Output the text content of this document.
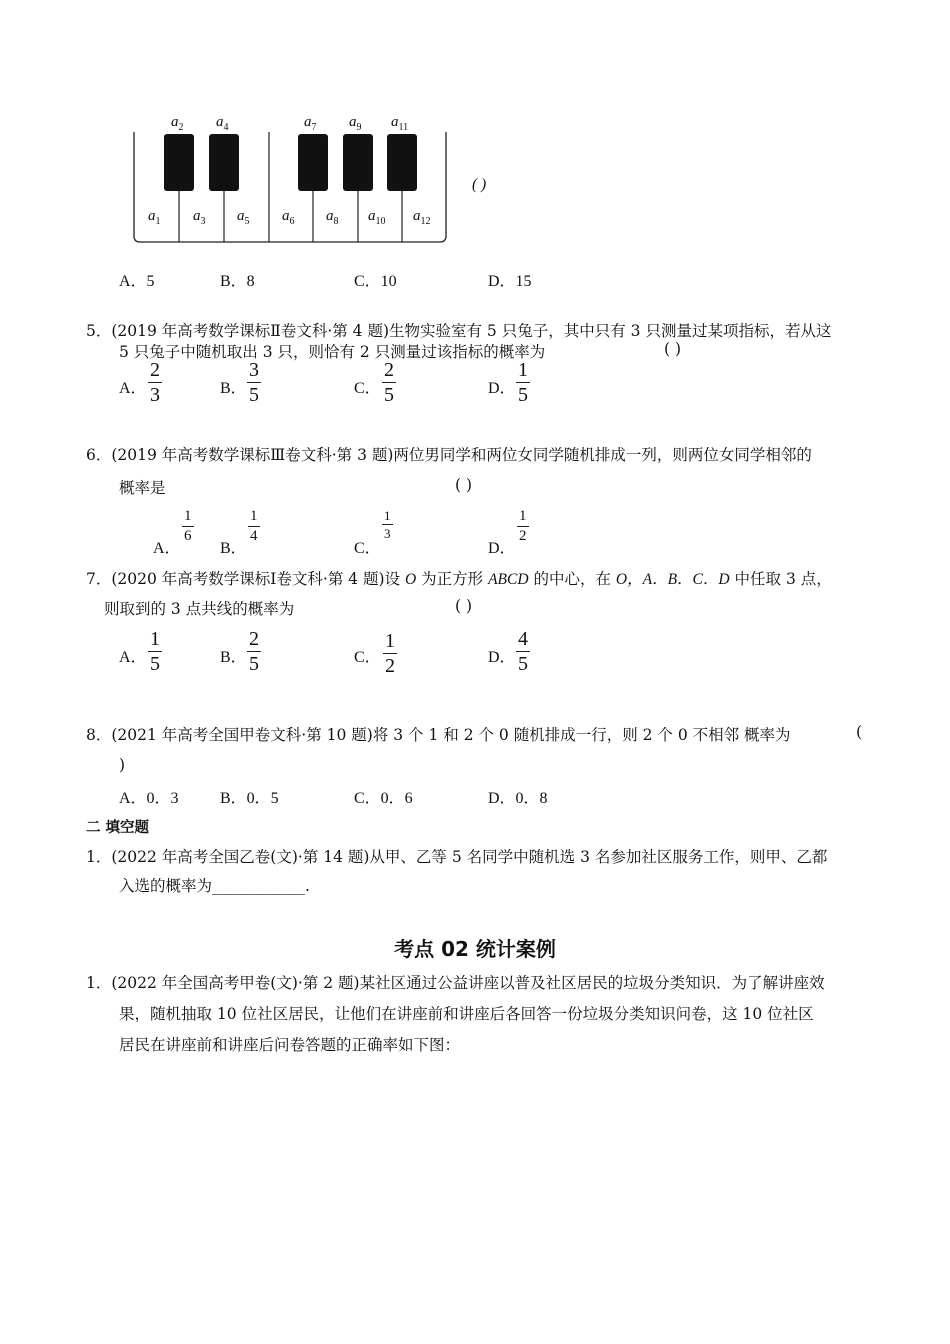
$a_2$ $a_4$	$a_7$ $a_9$ $a_{11}$
$a_1$ $a_3$ $a_5$ $a_6$ $a_8$ $a_{10}$ $a_{12}$
( )
A．5	B．8	C．10	D．15
5．(2019 年高考数学课标Ⅱ卷文科·第 4 题)生物实验室有 5 只兔子，其中只有 3 只测量过某项指标，若从这
5 只兔子中随机取出 3 只，则恰有 2 只测量过该指标的概率为	( )
A． $\frac{2}{3}$	B． $\frac{3}{5}$	C． $\frac{2}{5}$	D． $\frac{1}{5}$
6．(2019 年高考数学课标Ⅲ卷文科·第 3 题)两位男同学和两位女同学随机排成一列，则两位女同学相邻的
概率是	( )
A．
$\frac{1}{6}$
B．
$\frac{1}{4}$
C．
$\frac{1}{3}$
D．
$\frac{1}{2}$
7．(2020 年高考数学课标Ⅰ卷文科·第 4 题)设 O 为正方形 ABCD 的中心，在 O，A．B．C．D 中任取 3 点，
则取到的 3 点共线的概率为	( )
A． $\frac{1}{5}$	B． $\frac{2}{5}$	C． $\frac{1}{2}$	D． $\frac{4}{5}$
8．(2021 年高考全国甲卷文科·第 10 题)将 3 个 1 和 2 个 0 随机排成一行，则 2 个 0 不相邻 概率为	(
)
A．0．3	B．0．5	C．0．6	D．0．8
二 填空题
1．(2022 年高考全国乙卷(文)·第 14 题)从甲、乙等 5 名同学中随机选 3 名参加社区服务工作，则甲、乙都
入选的概率为____________.
考点 02 统计案例
1．(2022 年全国高考甲卷(文)·第 2 题)某社区通过公益讲座以普及社区居民的垃圾分类知识．为了解讲座效
果，随机抽取 10 位社区居民，让他们在讲座前和讲座后各回答一份垃圾分类知识问卷，这 10 位社区
居民在讲座前和讲座后问卷答题的正确率如下图：
